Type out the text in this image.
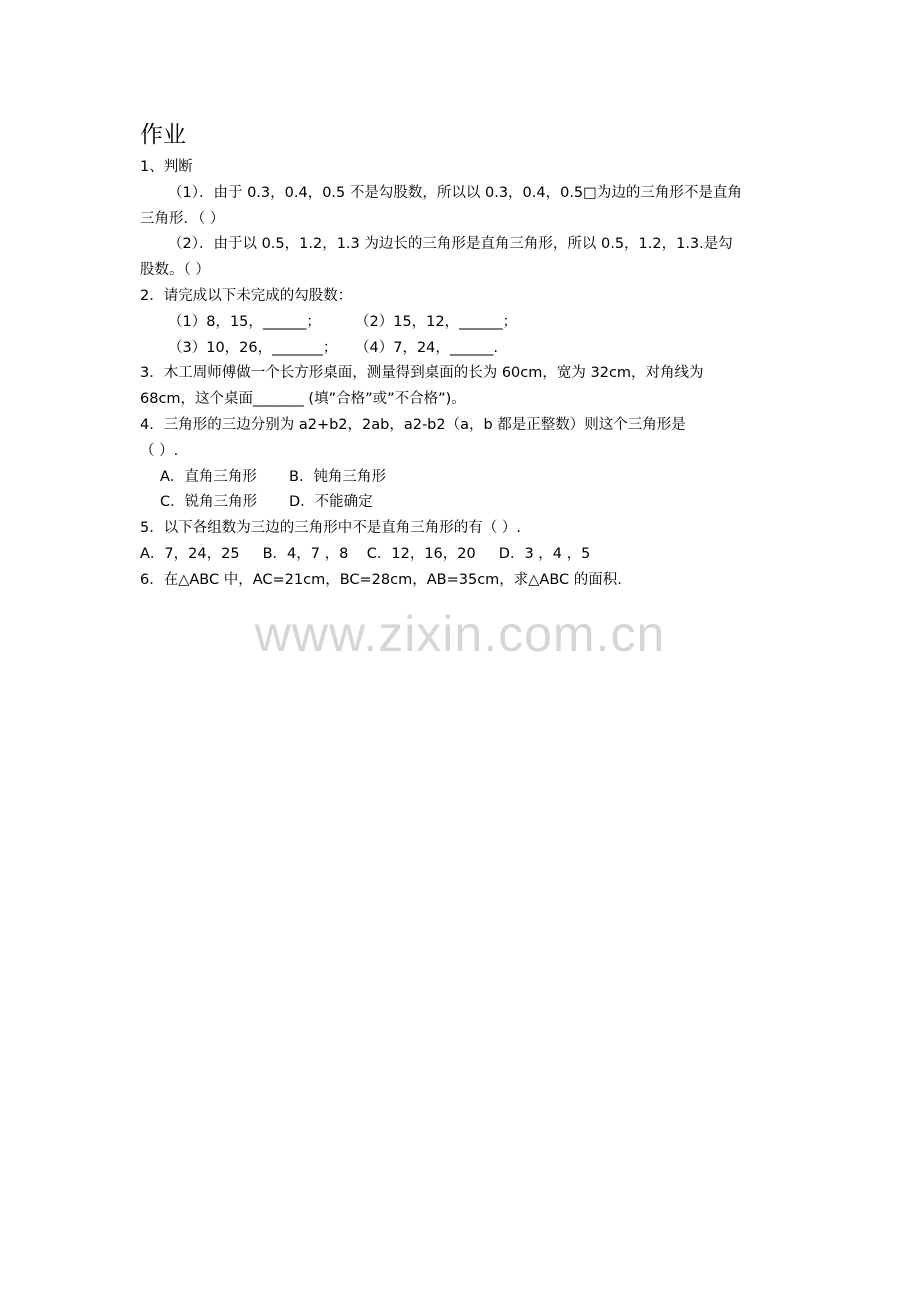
作业
1、判断
（1）．由于 0.3，0.4，0.5 不是勾股数，所以以 0.3，0.4，0.5□为边的三角形不是直角
三角形．（ ）
（2）．由于以 0.5，1.2，1.3 为边长的三角形是直角三角形，所以 0.5，1.2，1.3.是勾
股数。（ ）
2．请完成以下未完成的勾股数：
（1）8，15，______；	（2）15，12，______；
（3）10，26，_______；	（4）7，24，______.
3．木工周师傅做一个长方形桌面，测量得到桌面的长为 60cm，宽为 32cm，对角线为
68cm，这个桌面_______ (填”合格”或”不合格”)。
4．三角形的三边分别为 a2+b2，2ab，a2-b2（a，b 都是正整数）则这个三角形是
（ ）.
A．直角三角形	B．钝角三角形
C．锐角三角形	D．不能确定
5．以下各组数为三边的三角形中不是直角三角形的有（ ）.
A．7，24，25     B．4，7 ，8    C．12，16，20     D．3 ，4 ，5
6．在△ABC 中，AC=21cm，BC=28cm，AB=35cm，求△ABC 的面积.
www.zixin.com.cn
